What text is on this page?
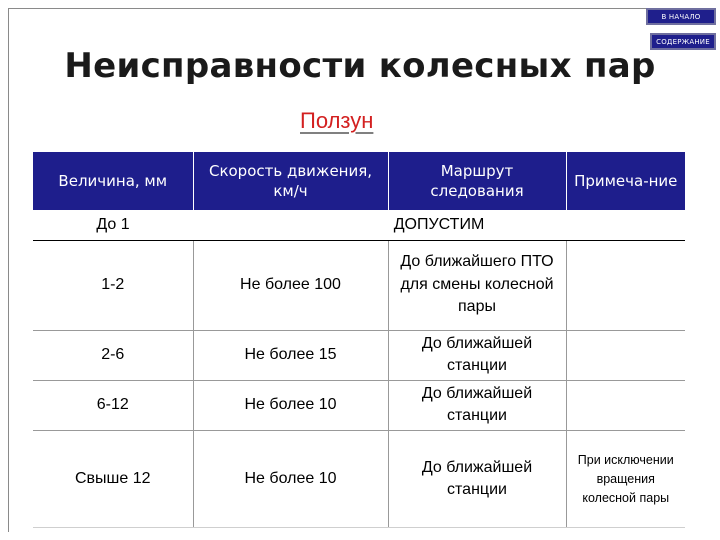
В НАЧАЛО
СОДЕРЖАНИЕ
Неисправности колесных пар
Ползун
Величина, мм	Скорость движения, км/ч	Маршрут следования	Примеча-ние
До 1	ДОПУСТИМ		
1-2	Не более 100	До ближайшего ПТО для смены колесной пары	
2-6	Не более 15	До ближайшей станции	
6-12	Не более 10	До ближайшей станции	
Свыше 12	Не более 10	До ближайшей станции	При исключении вращения колесной пары
